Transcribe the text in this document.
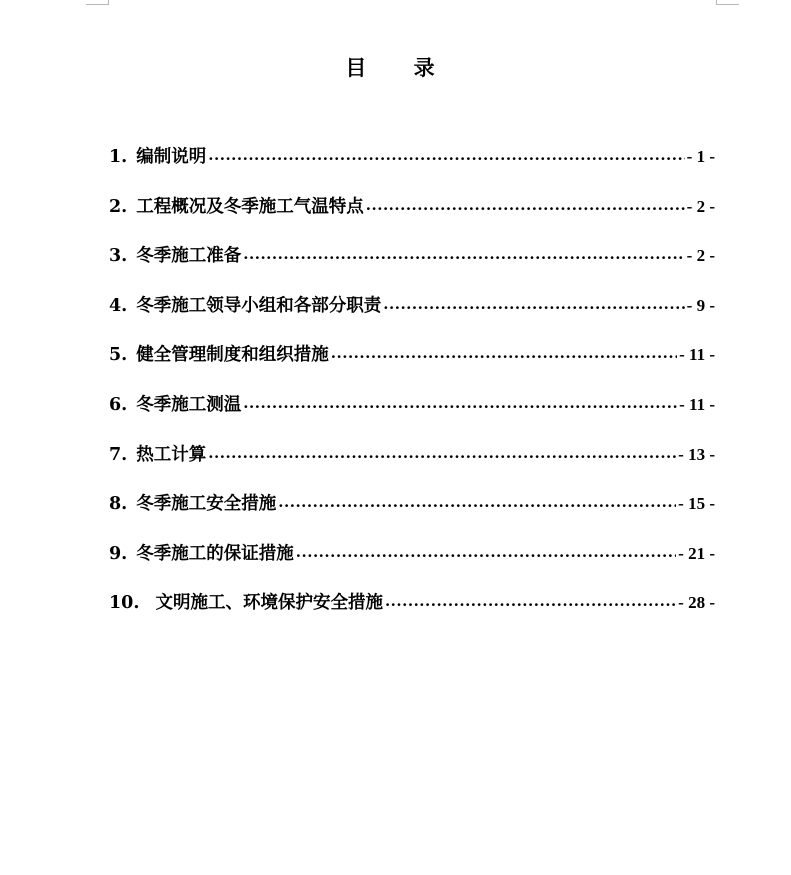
目 录
1. 编制说明 .....	- 1 -
2. 工程概况及冬季施工气温特点 .....	- 2 -
3. 冬季施工准备 .....	- 2 -
4. 冬季施工领导小组和各部分职责 .....	- 9 -
5. 健全管理制度和组织措施 .....	- 11 -
6. 冬季施工测温 .....	- 11 -
7. 热工计算 .....	- 13 -
8. 冬季施工安全措施 .....	- 15 -
9. 冬季施工的保证措施 .....	- 21 -
10. 文明施工、环境保护安全措施 .....	- 28 -
